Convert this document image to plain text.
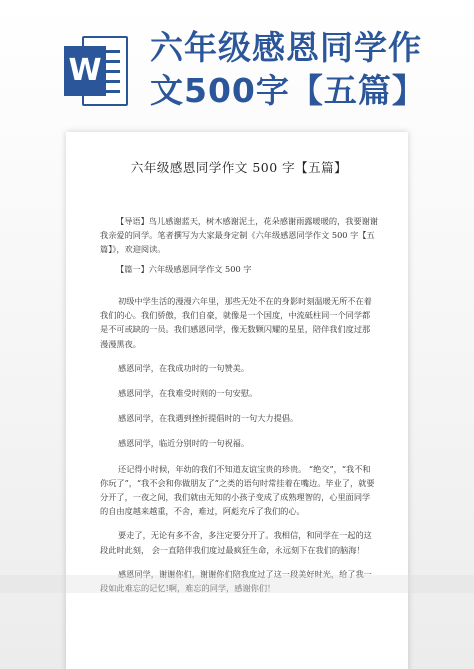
W
六年级感恩同学作文500字【五篇】
六年级感恩同学作文 500 字【五篇】

【导语】鸟儿感谢蓝天，树木感谢泥土，花朵感谢雨露暖暖的，我要谢谢我亲爱的同学。笔者撰写为大家最身定制《六年级感恩同学作文 500 字【五篇】》，欢迎阅读。

【篇一】六年级感恩同学作文 500 字

初级中学生活的漫漫六年里，那些无处不在的身影时刻温暖无所不在着我们的心。我们骄傲，我们自豪，就像是一个国度，中流砥柱同一个同学都是不可或缺的一员。我们感恩同学，像无数颗闪耀的星星，陪伴我们度过那漫漫黑夜。

感恩同学，在我成功时的一句赞美。

感恩同学，在我难受时则的一句安慰。

感恩同学，在我遇到挫折提倡时的一句大力提倡。

感恩同学，临近分别时的一句祝福。

还记得小时候，年幼的我们不知道友谊宝贵的珍贵。 “绝交”，“我不和你玩了”，“我不会和你做朋友了”之类的语句时常挂着在嘴边。毕业了，就要分开了，一夜之间，我们就由无知的小孩子变成了成熟理智的，心里面同学的自由度越来越重，不舍，难过，阿彪充斥了我们的心。

要走了，无论有多不舍，多注定要分开了。我相信，和同学在一起的这段此时此刻， 会一直陪伴我们度过最疯狂生命，永远刻下在我们的脑海！

感恩同学，谢谢你们，谢谢你们陪我度过了这一段美好时光，给了我一段如此难忘的记忆!啊，难忘的同学，感谢你们！
